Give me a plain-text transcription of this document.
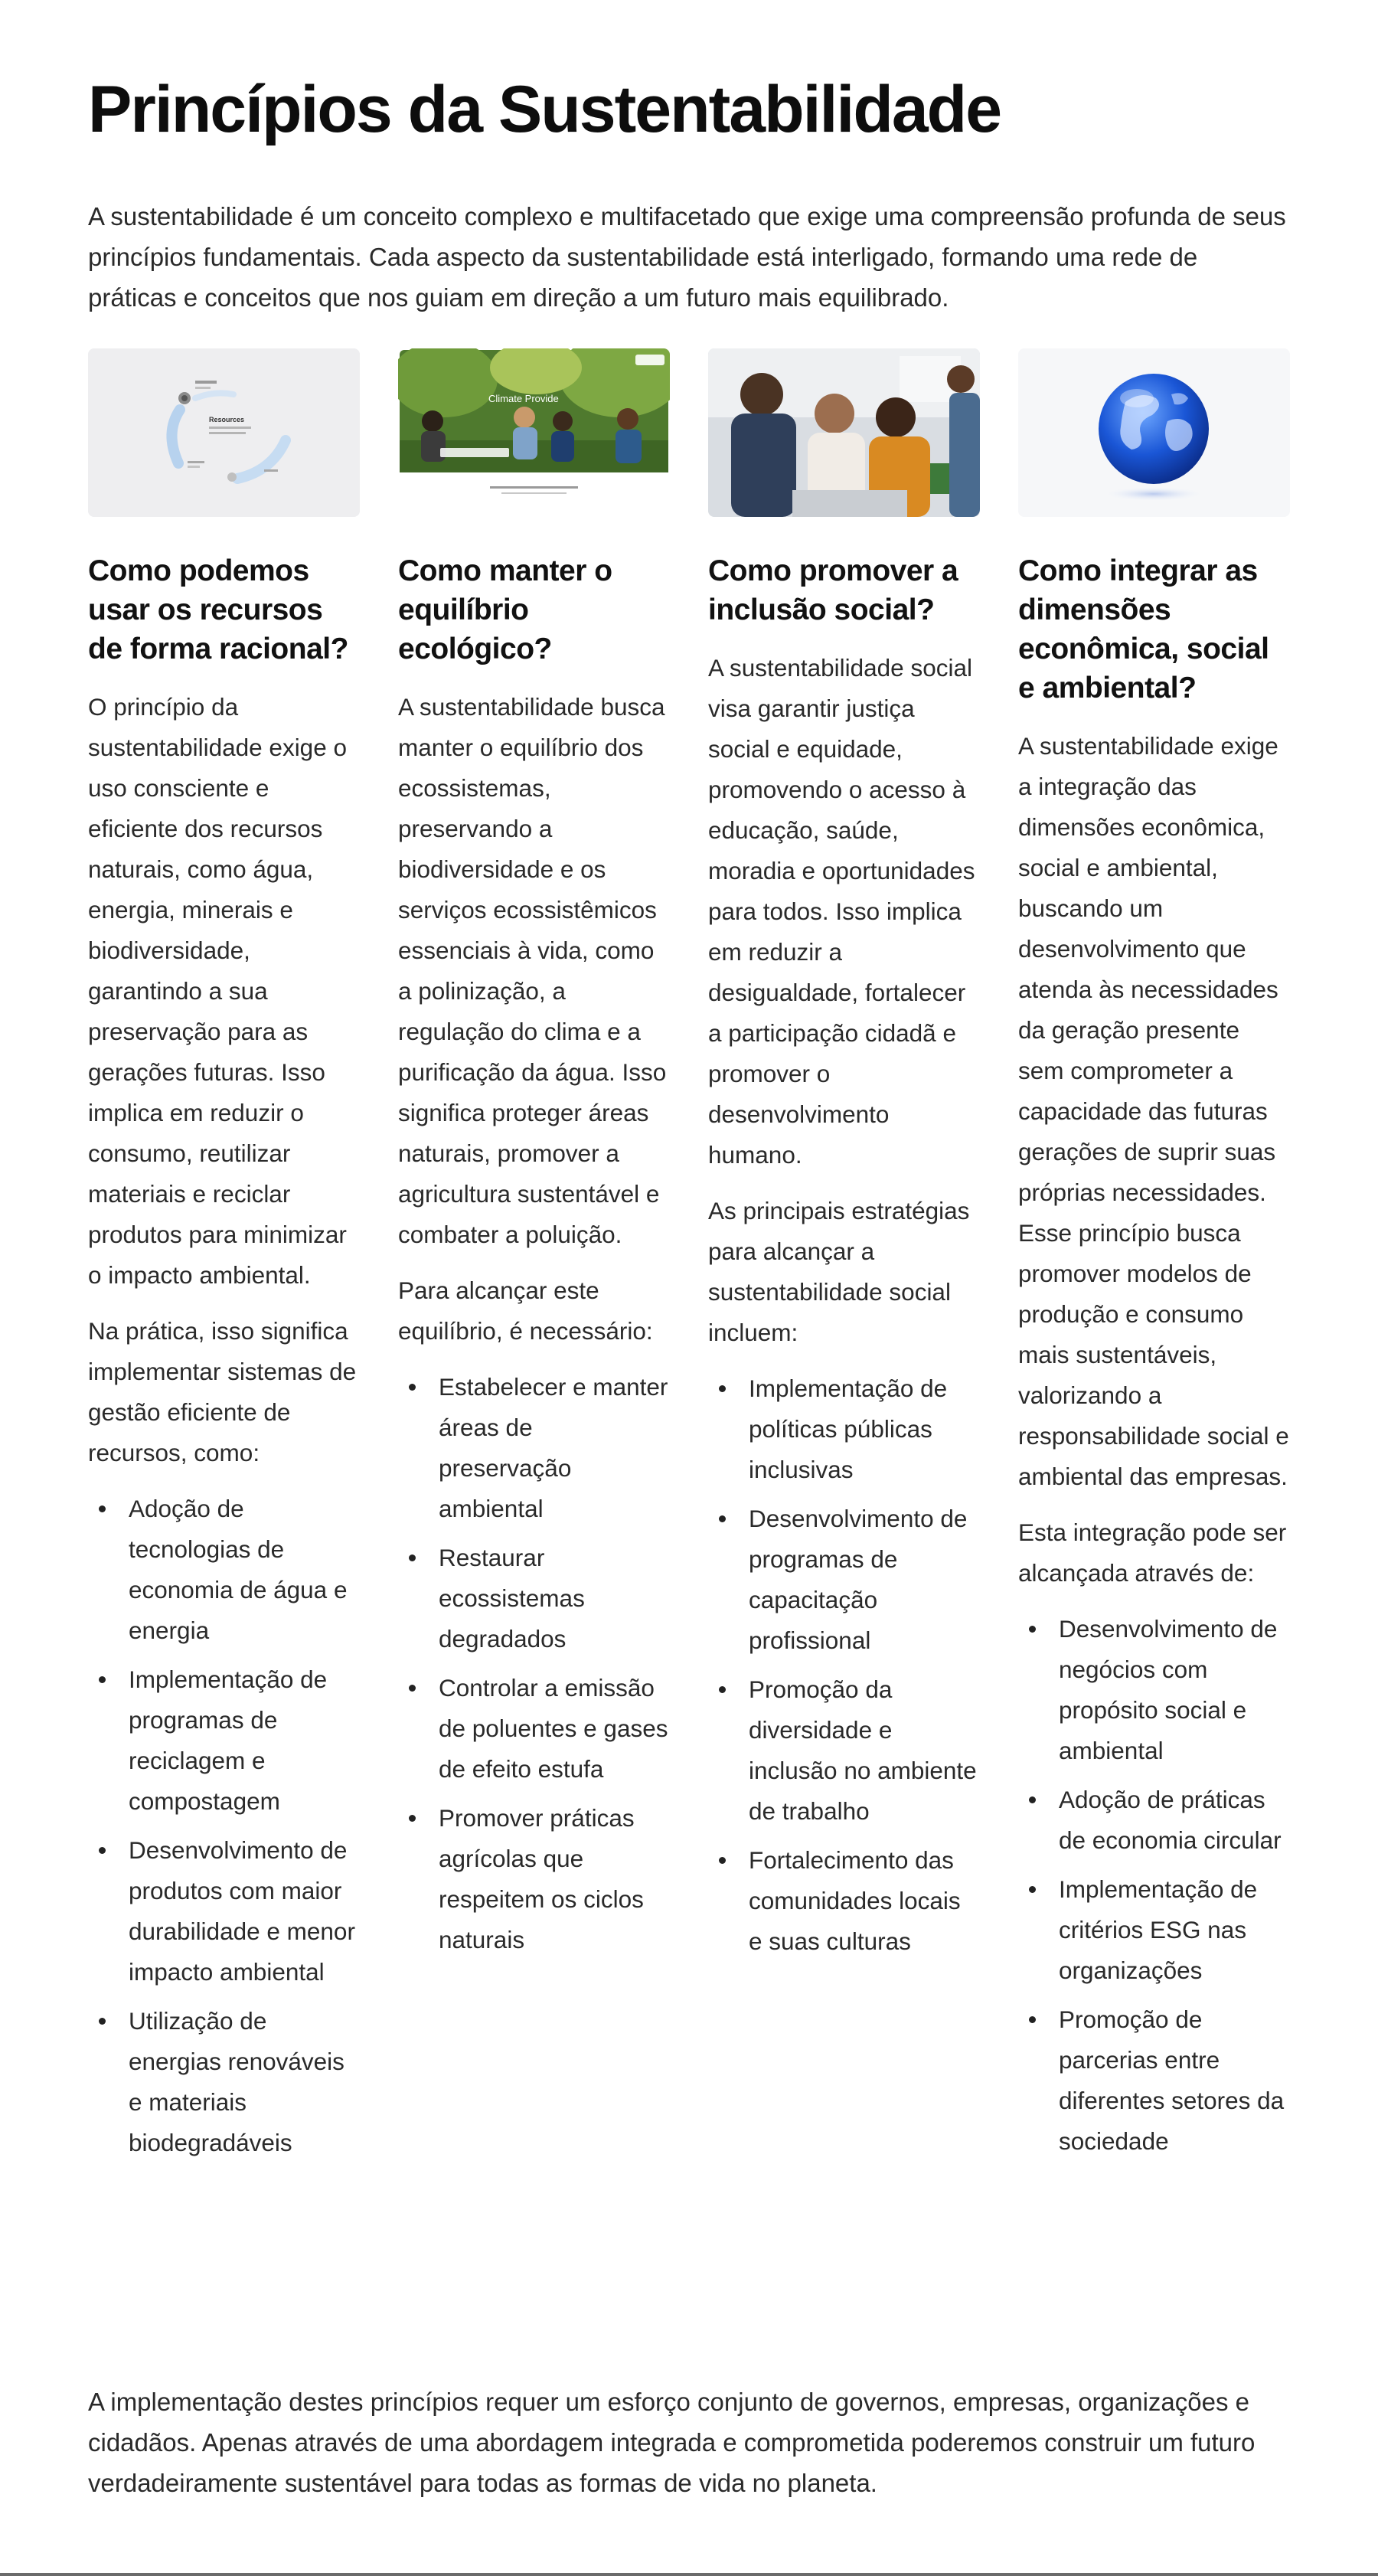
Princípios da Sustentabilidade

A sustentabilidade é um conceito complexo e multifacetado que exige uma compreensão profunda de seus princípios fundamentais. Cada aspecto da sustentabilidade está interligado, formando uma rede de práticas e conceitos que nos guiam em direção a um futuro mais equilibrado.

Resources
Como podemos usar os recursos de forma racional?

O princípio da sustentabilidade exige o uso consciente e eficiente dos recursos naturais, como água, energia, minerais e biodiversidade, garantindo a sua preservação para as gerações futuras. Isso implica em reduzir o consumo, reutilizar materiais e reciclar produtos para minimizar o impacto ambiental.

Na prática, isso significa implementar sistemas de gestão eficiente de recursos, como:

Adoção de tecnologias de economia de água e energia
Implementação de programas de reciclagem e compostagem
Desenvolvimento de produtos com maior durabilidade e menor impacto ambiental
Utilização de energias renováveis e materiais biodegradáveis
Climate Provide
Como manter o equilíbrio ecológico?

A sustentabilidade busca manter o equilíbrio dos ecossistemas, preservando a biodiversidade e os serviços ecossistêmicos essenciais à vida, como a polinização, a regulação do clima e a purificação da água. Isso significa proteger áreas naturais, promover a agricultura sustentável e combater a poluição.

Para alcançar este equilíbrio, é necessário:

Estabelecer e manter áreas de preservação ambiental
Restaurar ecossistemas degradados
Controlar a emissão de poluentes e gases de efeito estufa
Promover práticas agrícolas que respeitem os ciclos naturais
Como promover a inclusão social?

A sustentabilidade social visa garantir justiça social e equidade, promovendo o acesso à educação, saúde, moradia e oportunidades para todos. Isso implica em reduzir a desigualdade, fortalecer a participação cidadã e promover o desenvolvimento humano.

As principais estratégias para alcançar a sustentabilidade social incluem:

Implementação de políticas públicas inclusivas
Desenvolvimento de programas de capacitação profissional
Promoção da diversidade e inclusão no ambiente de trabalho
Fortalecimento das comunidades locais e suas culturas
Como integrar as dimensões econômica, social e ambiental?

A sustentabilidade exige a integração das dimensões econômica, social e ambiental, buscando um desenvolvimento que atenda às necessidades da geração presente sem comprometer a capacidade das futuras gerações de suprir suas próprias necessidades. Esse princípio busca promover modelos de produção e consumo mais sustentáveis, valorizando a responsabilidade social e ambiental das empresas.

Esta integração pode ser alcançada através de:

Desenvolvimento de negócios com propósito social e ambiental
Adoção de práticas de economia circular
Implementação de critérios ESG nas organizações
Promoção de parcerias entre diferentes setores da sociedade

A implementação destes princípios requer um esforço conjunto de governos, empresas, organizações e cidadãos. Apenas através de uma abordagem integrada e comprometida poderemos construir um futuro verdadeiramente sustentável para todas as formas de vida no planeta.
